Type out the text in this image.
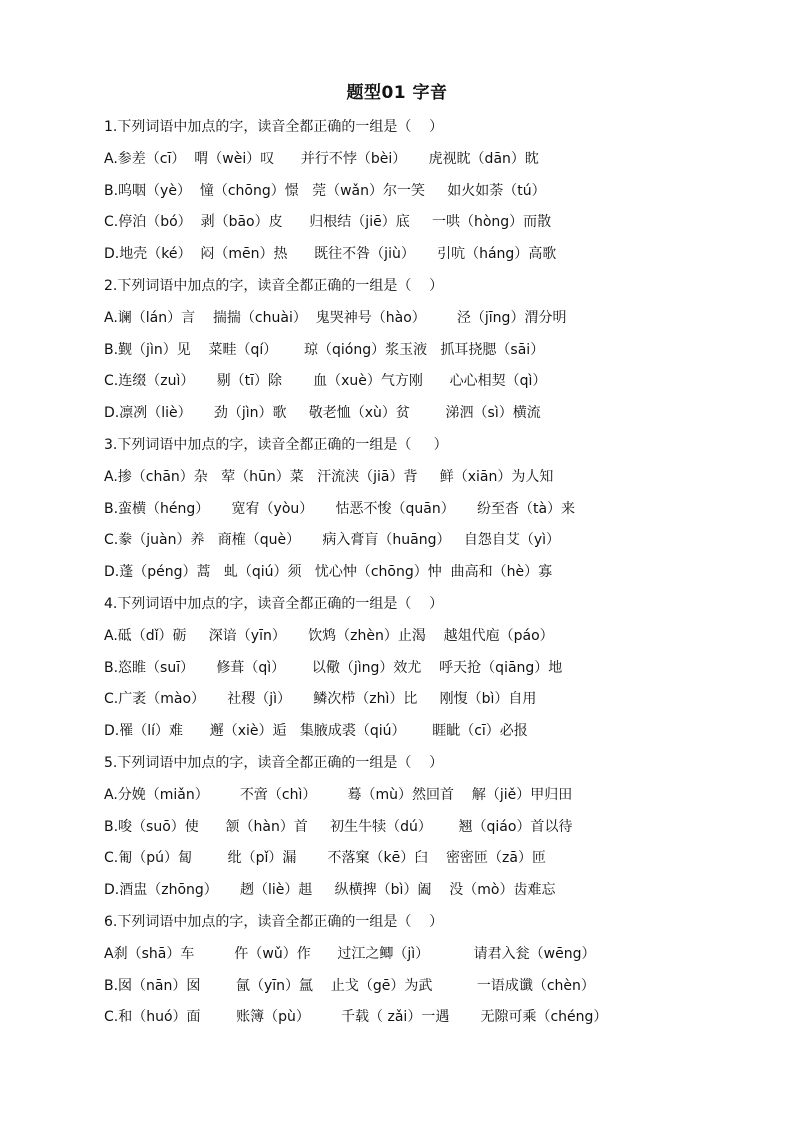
题型01 字音
1.下列词语中加点的字，读音全都正确的一组是（    ）
A.参差（cī）  喟（wèi）叹      并行不悖（bèi）     虎视眈（dān）眈
B.呜咽（yè）  憧（chōng）憬   莞（wǎn）尔一笑     如火如荼（tú）
C.停泊（bó）  剥（bāo）皮      归根结（jiē）底     一哄（hòng）而散
D.地壳（ké）  闷（mēn）热      既往不咎（jiù）     引吭（háng）高歌
2.下列词语中加点的字，读音全都正确的一组是（    ）
A.谰（lán）言    揣揣（chuài）  鬼哭神号（hào）       泾（jīng）渭分明
B.觐（jìn）见    菜畦（qí）      琼（qióng）浆玉液   抓耳挠腮（sāi）
C.连缀（zuì）     剔（tī）除       血（xuè）气方刚      心心相契（qì）
D.凛冽（liè）     劲（jìn）歌     敬老恤（xù）贫        涕泗（sì）横流
3.下列词语中加点的字，读音全都正确的一组是（     ）
A.掺（chān）杂   荤（hūn）菜   汗流浃（jiā）背     鲜（xiān）为人知
B.蛮横（héng）     宽宥（yòu）     怙恶不悛（quān）     纷至沓（tà）来
C.豢（juàn）养   商榷（què）     病入膏肓（huāng）   自怨自艾（yì）
D.蓬（péng）蒿   虬（qiú）须   忧心忡（chōng）忡  曲高和（hè）寡
4.下列词语中加点的字，读音全都正确的一组是（    ）
A.砥（dǐ）砺     深谙（yīn）     饮鸩（zhèn）止渴    越俎代庖（páo）
B.恣睢（suī）     修葺（qì）      以儆（jìng）效尤    呼天抢（qiāng）地
C.广袤（mào）     社稷（jì）     鳞次栉（zhì）比     刚愎（bì）自用
D.罹（lí）难      邂（xiè）逅   集腋成裘（qiú）      睚眦（cī）必报
5.下列词语中加点的字，读音全都正确的一组是（    ）
A.分娩（miǎn）       不啻（chì）       蓦（mù）然回首    解（jiě）甲归田
B.唆（suō）使      颔（hàn）首     初生牛犊（dú）      翘（qiáo）首以待
C.匍（pú）匐        纰（pǐ）漏       不落窠（kē）臼    密密匝（zā）匝
D.酒盅（zhōng）     趔（liè）趄     纵横捭（bì）阖    没（mò）齿难忘
6.下列词语中加点的字，读音全都正确的一组是（    ）
A刹（shā）车         仵（wǔ）作      过江之鲫（jì）          请君入瓮（wēng）
B.囡（nān）囡        氤（yīn）氲    止戈（gē）为武          一语成谶（chèn）
C.和（huó）面        账簿（pù）       千载（ zǎi）一遇       无隙可乘（chéng）
